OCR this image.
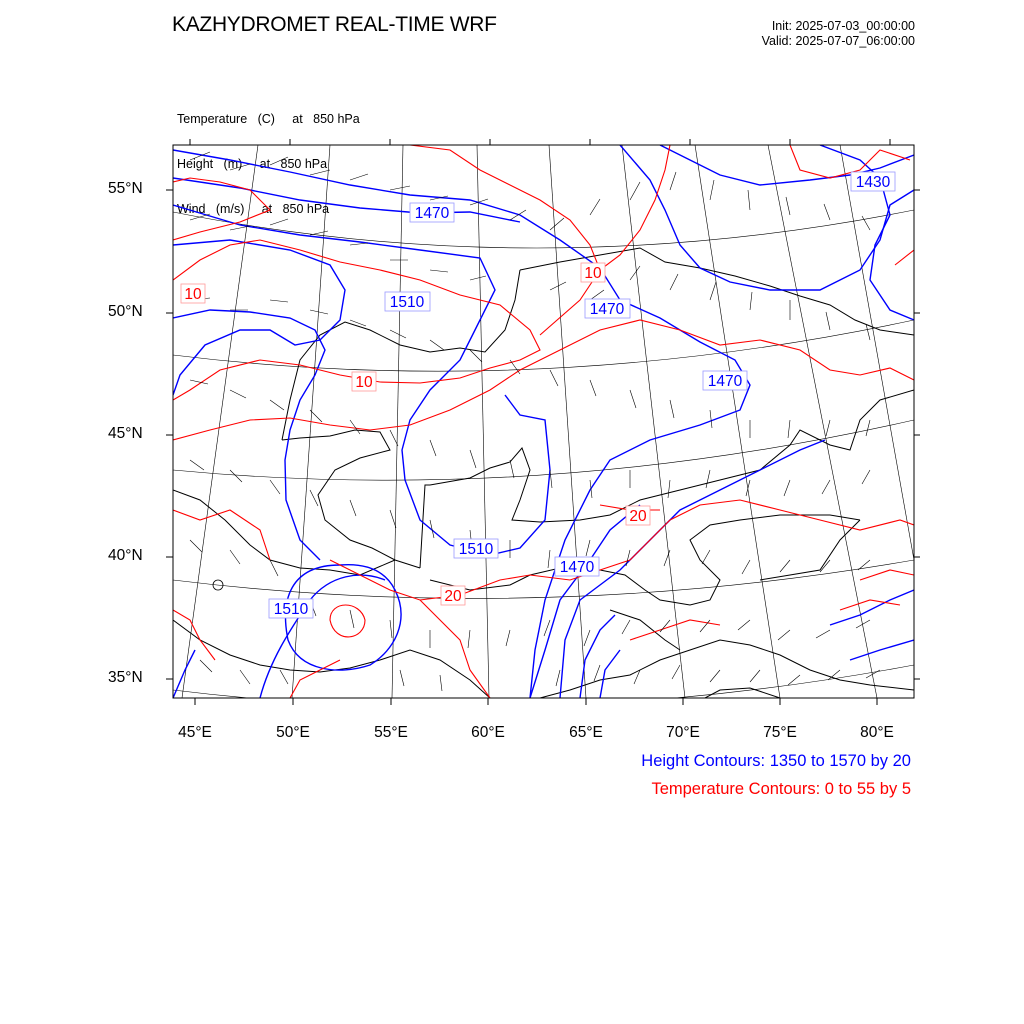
KAZHYDROMET REAL-TIME WRF	Init: 2025-07-03_00:00:00
Valid: 2025-07-07_06:00:00

Temperature   (C)     at   850 hPa

Height   (m)     at   850 hPa

Wind   (m/s)     at   850 hPa	1470
1510	1470
1470
1430
1510
1470
1510
10
10
10
20
20
55°N
50°N
45°N
40°N
35°N
45°E	50°E	55°E	60°E	65°E	70°E	75°E	80°E
Height Contours: 1350 to 1570 by 20
Temperature Contours: 0 to 55 by 5
